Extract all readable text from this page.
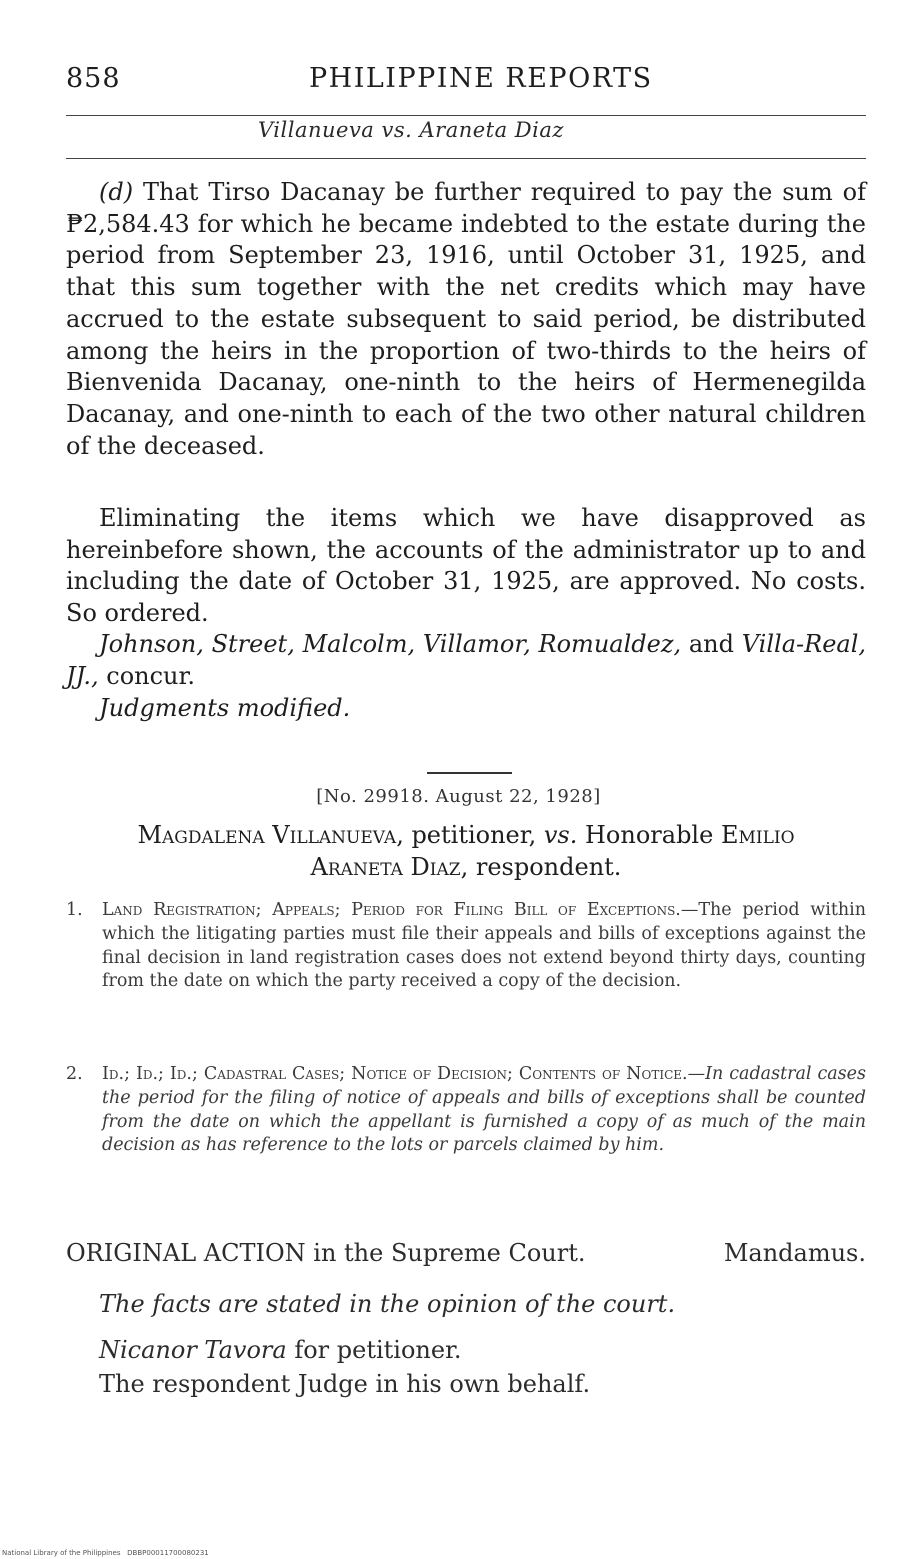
858	PHILIPPINE REPORTS
Villanueva vs. Araneta Diaz
(d) That Tirso Dacanay be further required to pay the sum of ₱2,584.43 for which he became indebted to the estate during the period from September 23, 1916, until October 31, 1925, and that this sum together with the net credits which may have accrued to the estate subsequent to said period, be distributed among the heirs in the proportion of two-thirds to the heirs of Bienvenida Dacanay, one-ninth to the heirs of Hermenegilda Dacanay, and one-ninth to each of the two other natural children of the deceased.
Eliminating the items which we have disapproved as hereinbefore shown, the accounts of the administrator up to and including the date of October 31, 1925, are approved. No costs. So ordered.
Johnson, Street, Malcolm, Villamor, Romualdez, and Villa-Real, JJ., concur.
Judgments modified.
[No. 29918. August 22, 1928]
Magdalena Villanueva, petitioner, vs. Honorable Emilio
Araneta Diaz, respondent.
1.	Land Registration; Appeals; Period for Filing Bill of Exceptions.—The period within which the litigating parties must file their appeals and bills of exceptions against the final decision in land registration cases does not extend beyond thirty days, counting from the date on which the party received a copy of the decision.
2.	Id.; Id.; Id.; Cadastral Cases; Notice of Decision; Contents of Notice.—In cadastral cases the period for the filing of notice of appeals and bills of exceptions shall be counted from the date on which the appellant is furnished a copy of as much of the main decision as has reference to the lots or parcels claimed by him.
ORIGINAL ACTION in the Supreme Court.	Mandamus.
The facts are stated in the opinion of the court.
Nicanor Tavora for petitioner.
The respondent Judge in his own behalf.
National Library of the Philippines   DBBP00011700080231
